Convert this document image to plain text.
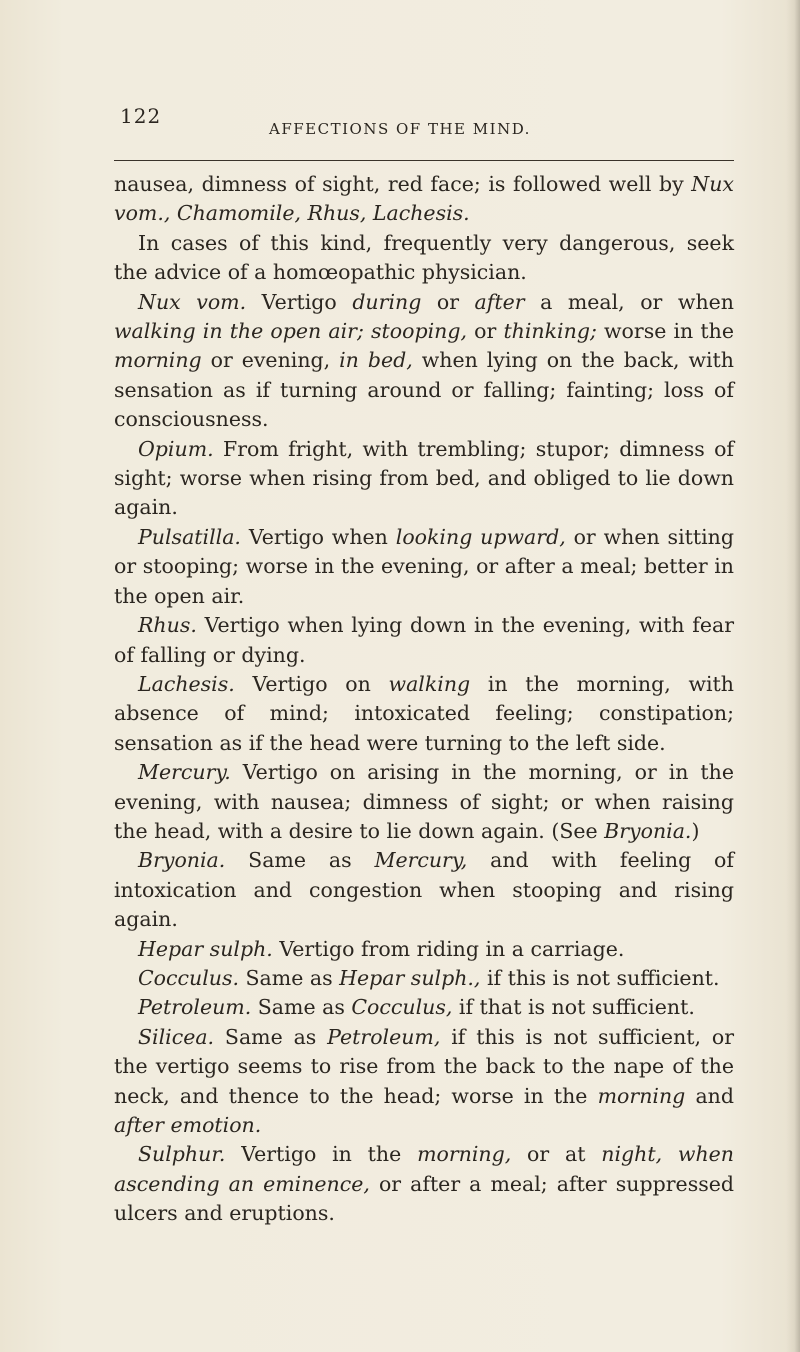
122
AFFECTIONS OF THE MIND.

nausea, dimness of sight, red face; is followed well by Nux vom., Chamomile, Rhus, Lachesis.

In cases of this kind, frequently very dangerous, seek the advice of a homœopathic physician.

Nux vom. Vertigo during or after a meal, or when walking in the open air; stooping, or thinking; worse in the morning or evening, in bed, when lying on the back, with sensation as if turning around or falling; fainting; loss of consciousness.

Opium. From fright, with trembling; stupor; dimness of sight; worse when rising from bed, and obliged to lie down again.

Pulsatilla. Vertigo when looking upward, or when sitting or stooping; worse in the evening, or after a meal; better in the open air.

Rhus. Vertigo when lying down in the evening, with fear of falling or dying.

Lachesis. Vertigo on walking in the morning, with absence of mind; intoxicated feeling; constipation; sensation as if the head were turning to the left side.

Mercury. Vertigo on arising in the morning, or in the evening, with nausea; dimness of sight; or when raising the head, with a desire to lie down again. (See Bryonia.)

Bryonia. Same as Mercury, and with feeling of intoxication and congestion when stooping and rising again.

Hepar sulph. Vertigo from riding in a carriage.

Cocculus. Same as Hepar sulph., if this is not sufficient.

Petroleum. Same as Cocculus, if that is not sufficient.

Silicea. Same as Petroleum, if this is not sufficient, or the vertigo seems to rise from the back to the nape of the neck, and thence to the head; worse in the morning and after emotion.

Sulphur. Vertigo in the morning, or at night, when ascending an eminence, or after a meal; after suppressed ulcers and eruptions.
